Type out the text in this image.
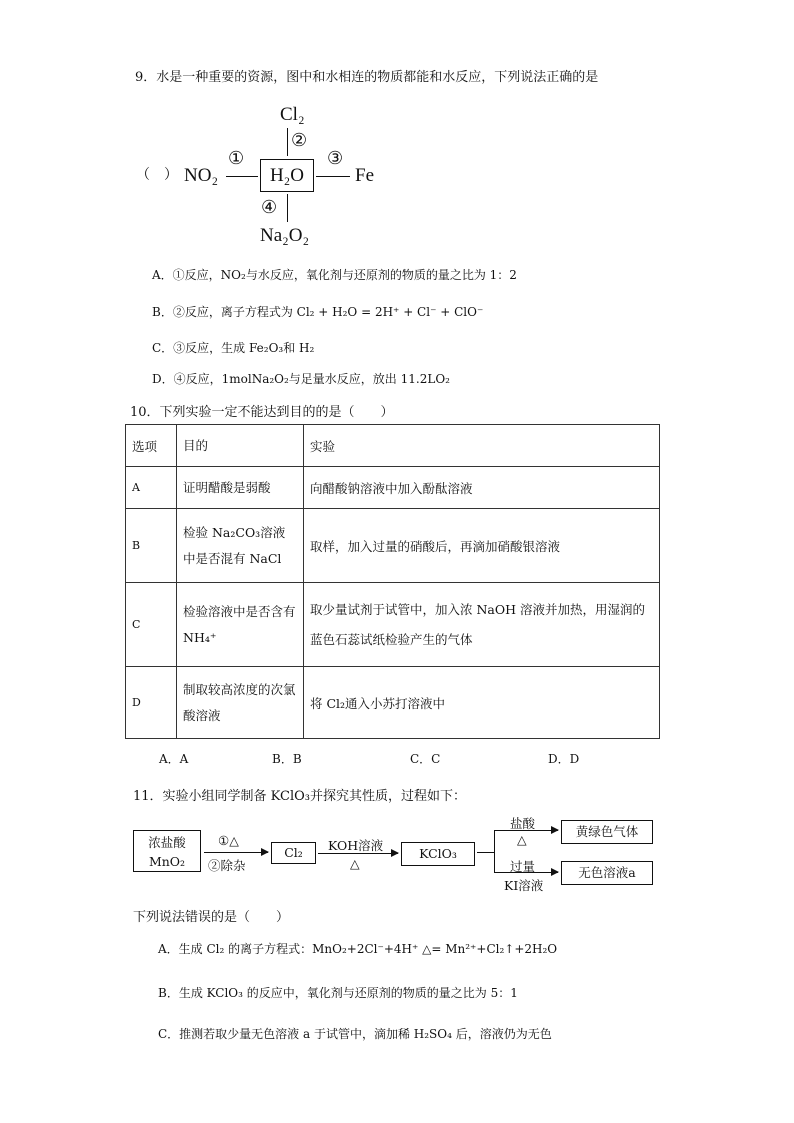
9．水是一种重要的资源，图中和水相连的物质都能和水反应，下列说法正确的是
Cl₂
②
（　） NO₂
①
H₂O
③
Fe
④
Na₂O₂
A．①反应，NO₂与水反应，氧化剂与还原剂的物质的量之比为 1：2
B．②反应，离子方程式为 Cl₂ + H₂O = 2H⁺ + Cl⁻ + ClO⁻
C．③反应，生成 Fe₂O₃和 H₂
D．④反应，1molNa₂O₂与足量水反应，放出 11.2LO₂
10．下列实验一定不能达到目的的是（　　）
选项	目的	实验
A	证明醋酸是弱酸	向醋酸钠溶液中加入酚酞溶液
B	检验 Na₂CO₃溶液中是否混有 NaCl	取样，加入过量的硝酸后，再滴加硝酸银溶液
C	检验溶液中是否含有 NH₄⁺	取少量试剂于试管中，加入浓 NaOH 溶液并加热，用湿润的蓝色石蕊试纸检验产生的气体
D	制取较高浓度的次氯酸溶液	将 Cl₂通入小苏打溶液中
A．A	B．B	C．C	D．D
11．实验小组同学制备 KClO₃并探究其性质，过程如下：
浓盐酸
MnO₂
①△
②除杂
Cl₂	KOH溶液
△
KClO₃
盐酸
△
黄绿色气体
过量
KI溶液
无色溶液a
下列说法错误的是（　　）
A．生成 Cl₂ 的离子方程式：MnO₂+2Cl⁻+4H⁺ △= Mn²⁺+Cl₂↑+2H₂O
B．生成 KClO₃ 的反应中，氧化剂与还原剂的物质的量之比为 5：1
C．推测若取少量无色溶液 a 于试管中，滴加稀 H₂SO₄ 后，溶液仍为无色
